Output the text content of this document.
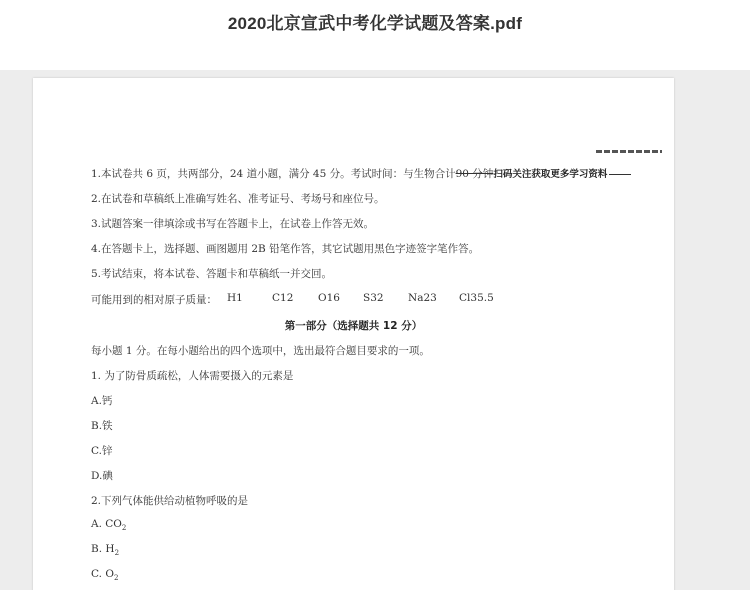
2020北京宣武中考化学试题及答案.pdf
1.本试卷共 6 页，共两部分，24 道小题，满分 45 分。考试时间：与生物合计90 分钟扫码关注获取更多学习资料
2.在试卷和草稿纸上准确写姓名、准考证号、考场号和座位号。
3.试题答案一律填涂或书写在答题卡上，在试卷上作答无效。
4.在答题卡上，选择题、画图题用 2B 铅笔作答，其它试题用黑色字迹签字笔作答。
5.考试结束，将本试卷、答题卡和草稿纸一并交回。
可能用到的相对原子质量： H1	C12 O16 S32 Na23 Cl35.5
第一部分（选择题共 12 分）
每小题 1 分。在每小题给出的四个选项中，选出最符合题目要求的一项。
1. 为了防骨质疏松，人体需要摄入的元素是
A.钙
B.铁
C.锌
D.碘
2.下列气体能供给动植物呼吸的是
A. $CO_2$
B. $H_2$
C. $O_2$
